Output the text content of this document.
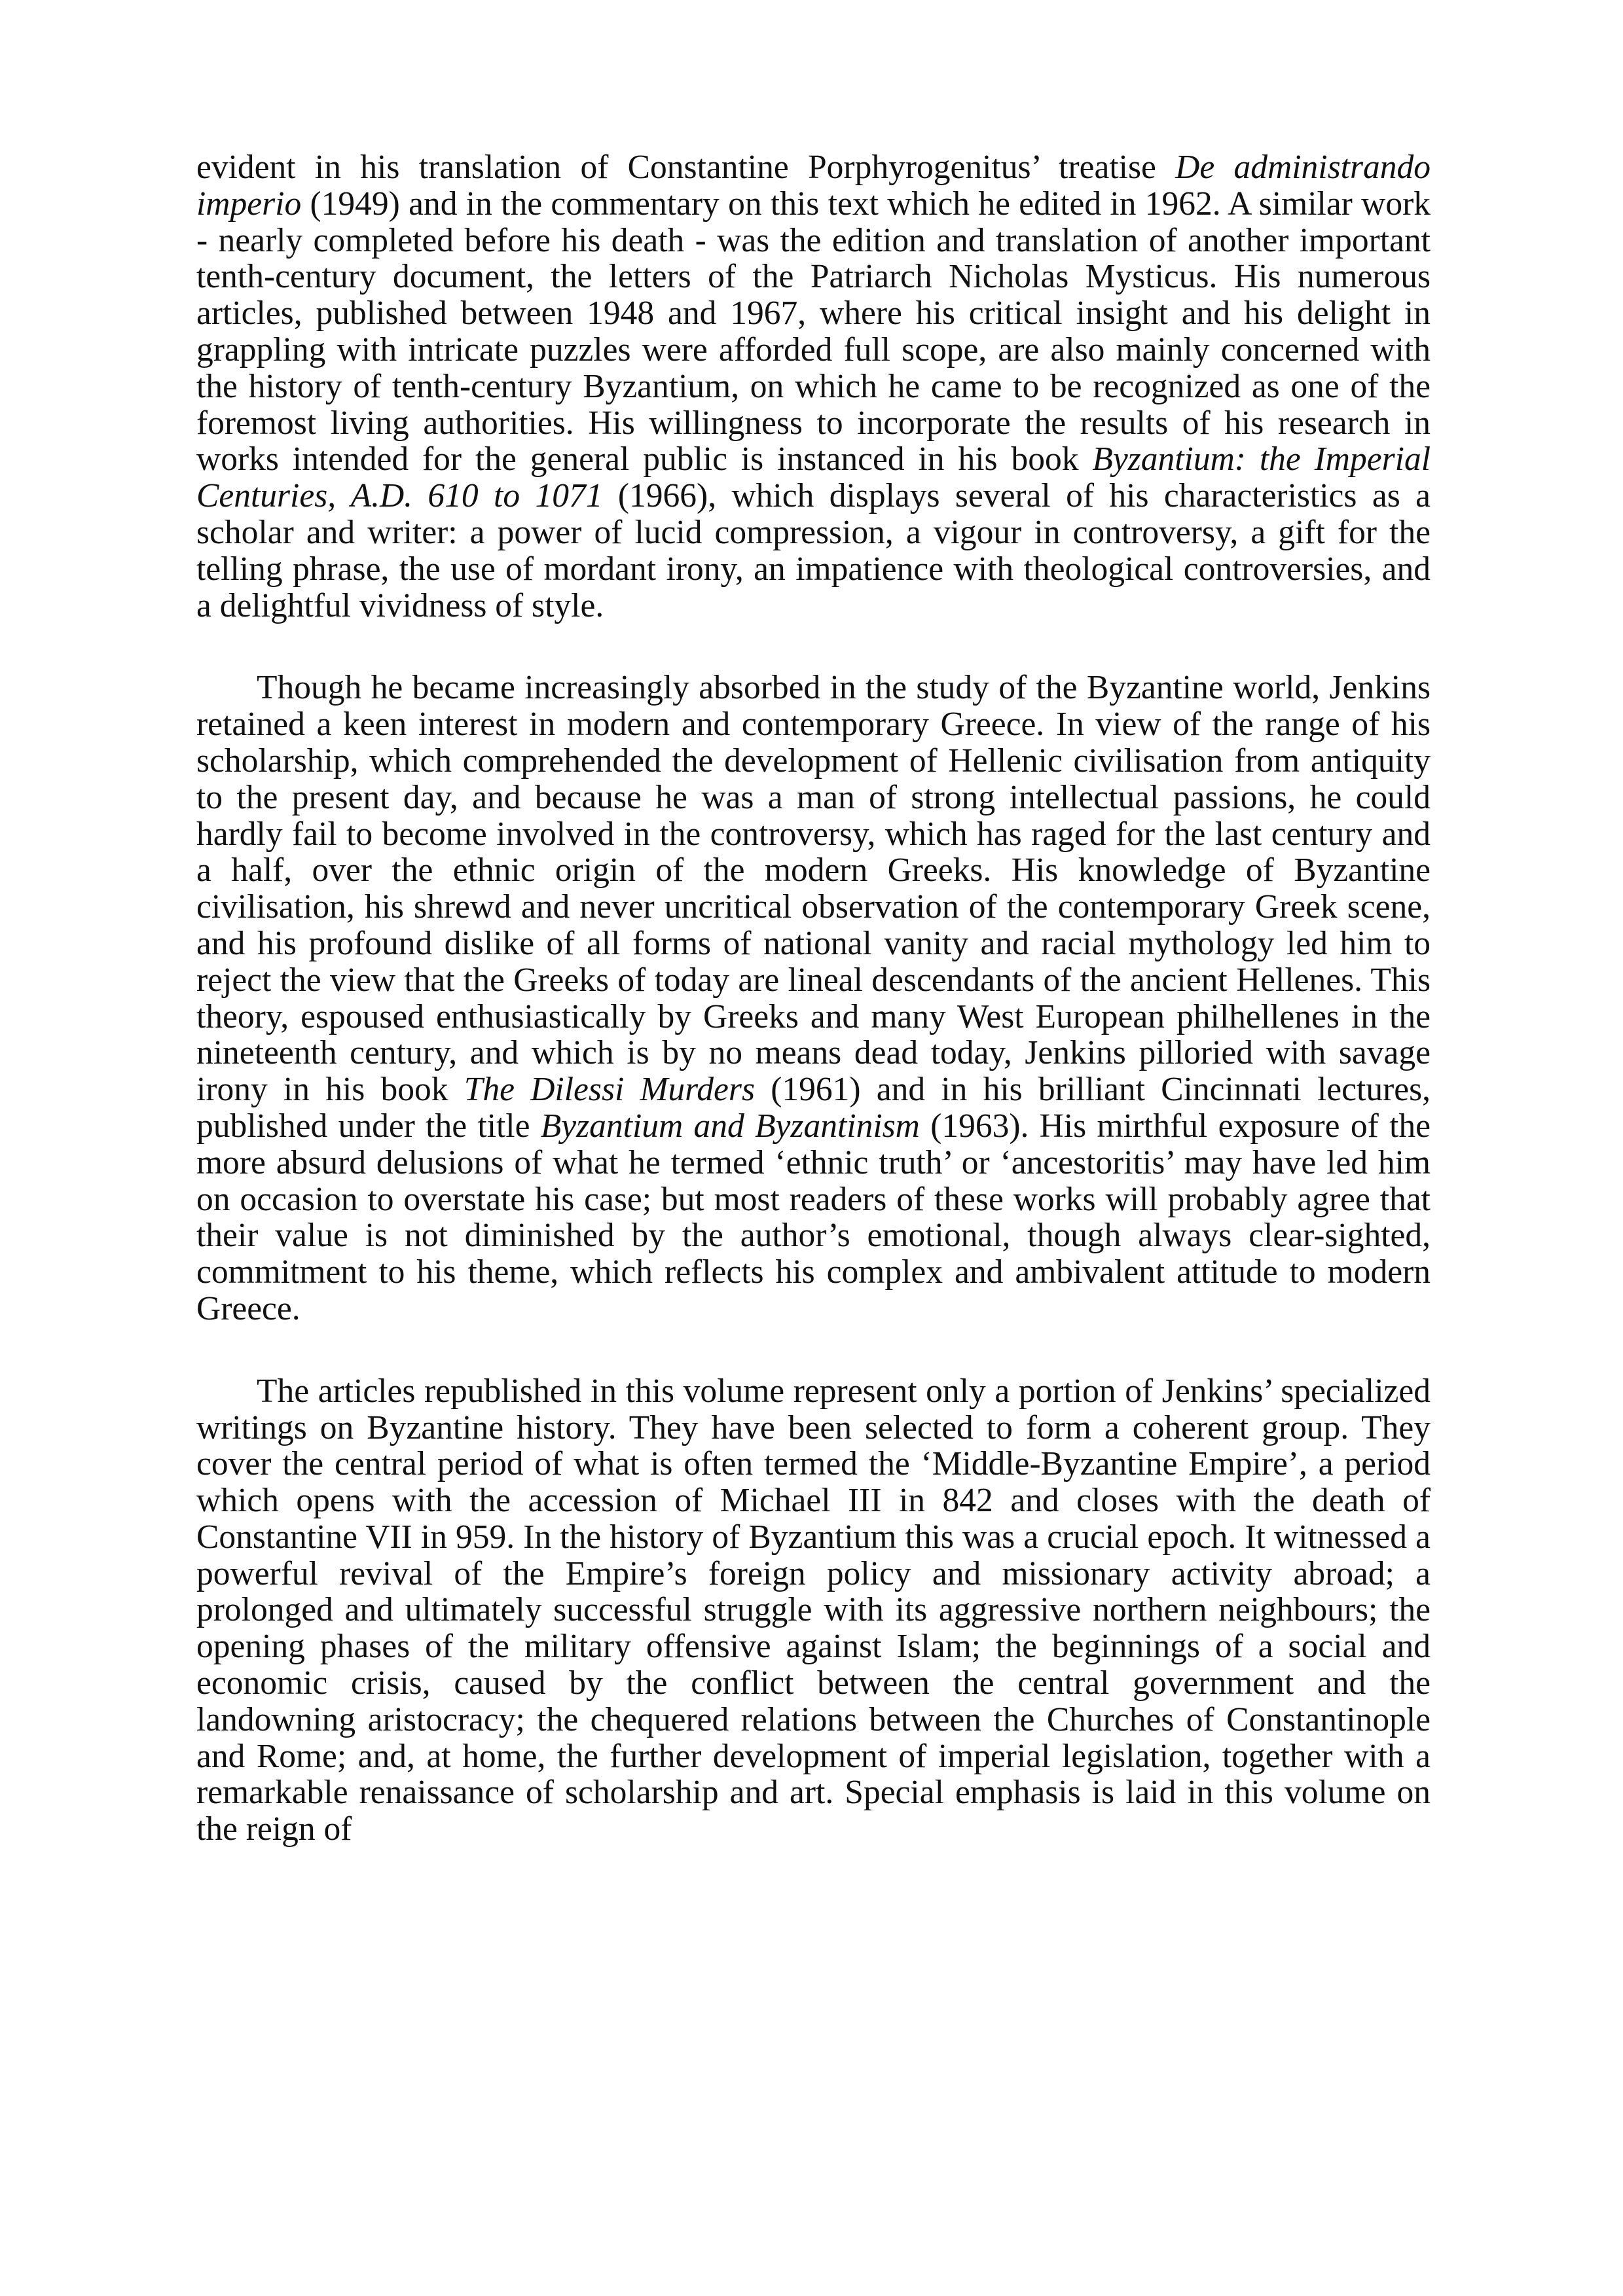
evident in his translation of Constantine Porphyrogenitus’ treatise De administrando imperio (1949) and in the commentary on this text which he edited in 1962. A similar work - nearly completed before his death - was the edition and translation of another important tenth-century document, the letters of the Patriarch Nicholas Mysticus. His numerous articles, published between 1948 and 1967, where his critical insight and his delight in grappling with intricate puzzles were afforded full scope, are also mainly concerned with the history of tenth-century Byzantium, on which he came to be recognized as one of the foremost living authorities. His willingness to incorporate the results of his research in works intended for the general public is instanced in his book Byzantium: the Imperial Centuries, A.D. 610 to 1071 (1966), which displays several of his characteristics as a scholar and writer: a power of lucid compression, a vigour in controversy, a gift for the telling phrase, the use of mordant irony, an impatience with theological controversies, and a delightful vividness of style.

Though he became increasingly absorbed in the study of the Byzantine world, Jenkins retained a keen interest in modern and contemporary Greece. In view of the range of his scholarship, which comprehended the development of Hellenic civilisation from antiquity to the present day, and because he was a man of strong intellectual passions, he could hardly fail to become involved in the controversy, which has raged for the last century and a half, over the ethnic origin of the modern Greeks. His knowledge of Byzantine civilisation, his shrewd and never uncritical observation of the contemporary Greek scene, and his profound dislike of all forms of national vanity and racial mythology led him to reject the view that the Greeks of today are lineal descendants of the ancient Hellenes. This theory, espoused enthusiastically by Greeks and many West European philhellenes in the nineteenth century, and which is by no means dead today, Jenkins pilloried with savage irony in his book The Dilessi Murders (1961) and in his brilliant Cincinnati lectures, published under the title Byzantium and Byzantinism (1963). His mirthful exposure of the more absurd delusions of what he termed ‘ethnic truth’ or ‘ancestoritis’ may have led him on occasion to overstate his case; but most readers of these works will probably agree that their value is not diminished by the author’s emotional, though always clear-sighted, commitment to his theme, which reflects his complex and ambivalent attitude to modern Greece.

The articles republished in this volume represent only a portion of Jenkins’ specialized writings on Byzantine history. They have been selected to form a coherent group. They cover the central period of what is often termed the ‘Middle-Byzantine Empire’, a period which opens with the accession of Michael III in 842 and closes with the death of Constantine VII in 959. In the history of Byzantium this was a crucial epoch. It witnessed a powerful revival of the Empire’s foreign policy and missionary activity abroad; a prolonged and ultimately successful struggle with its aggressive northern neighbours; the opening phases of the military offensive against Islam; the beginnings of a social and economic crisis, caused by the conflict between the central government and the landowning aristocracy; the chequered relations between the Churches of Constantinople and Rome; and, at home, the further development of imperial legislation, together with a remarkable renaissance of scholarship and art. Special emphasis is laid in this volume on the reign of
